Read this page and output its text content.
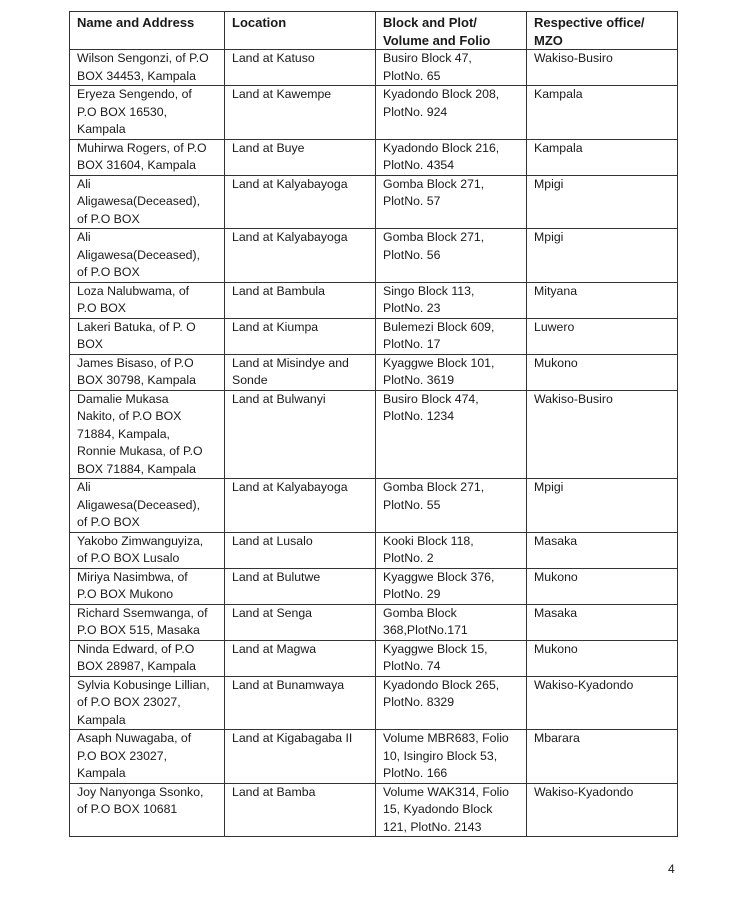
Name and Address	Location	Block and Plot/
Volume and Folio	Respective office/
MZO

Wilson Sengonzi, of P.O
BOX 34453, Kampala	Land at Katuso	Busiro Block 47,
PlotNo. 65	Wakiso-Busiro

Eryeza Sengendo, of
P.O BOX 16530,
Kampala	Land at Kawempe	Kyadondo Block 208,
PlotNo. 924	Kampala

Muhirwa Rogers, of P.O
BOX 31604, Kampala	Land at Buye	Kyadondo Block 216,
PlotNo. 4354	Kampala

Ali
Aligawesa(Deceased),
of P.O BOX	Land at Kalyabayoga	Gomba Block 271,
PlotNo. 57	Mpigi

Ali
Aligawesa(Deceased),
of P.O BOX	Land at Kalyabayoga	Gomba Block 271,
PlotNo. 56	Mpigi

Loza Nalubwama, of
P.O BOX	Land at Bambula	Singo Block 113,
PlotNo. 23	Mityana

Lakeri Batuka, of P. O
BOX	Land at Kiumpa	Bulemezi Block 609,
PlotNo. 17	Luwero

James Bisaso, of P.O
BOX 30798, Kampala	Land at Misindye and
Sonde	Kyaggwe Block 101,
PlotNo. 3619	Mukono

Damalie Mukasa
Nakito, of P.O BOX
71884, Kampala,
Ronnie Mukasa, of P.O
BOX 71884, Kampala	Land at Bulwanyi	Busiro Block 474,
PlotNo. 1234	Wakiso-Busiro

Ali
Aligawesa(Deceased),
of P.O BOX	Land at Kalyabayoga	Gomba Block 271,
PlotNo. 55	Mpigi

Yakobo Zimwanguyiza,
of P.O BOX Lusalo	Land at Lusalo	Kooki Block 118,
PlotNo. 2	Masaka

Miriya Nasimbwa, of
P.O BOX Mukono	Land at Bulutwe	Kyaggwe Block 376,
PlotNo. 29	Mukono

Richard Ssemwanga, of
P.O BOX 515, Masaka	Land at Senga	Gomba Block
368,PlotNo.171	Masaka

Ninda Edward, of P.O
BOX 28987, Kampala	Land at Magwa	Kyaggwe Block 15,
PlotNo. 74	Mukono

Sylvia Kobusinge Lillian,
of P.O BOX 23027,
Kampala	Land at Bunamwaya	Kyadondo Block 265,
PlotNo. 8329	Wakiso-Kyadondo

Asaph Nuwagaba, of
P.O BOX 23027,
Kampala	Land at Kigabagaba II	Volume MBR683, Folio
10, Isingiro Block 53,
PlotNo. 166	Mbarara

Joy Nanyonga Ssonko,
of P.O BOX 10681	Land at Bamba	Volume WAK314, Folio
15, Kyadondo Block
121, PlotNo. 2143	Wakiso-Kyadondo
4
